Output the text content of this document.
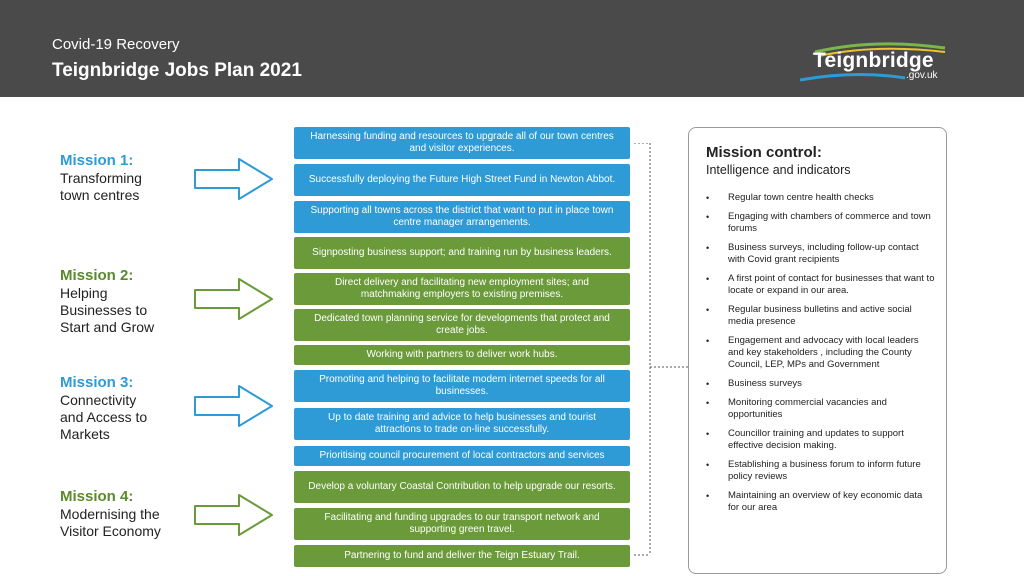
Covid-19 Recovery
Teignbridge Jobs Plan 2021	Teignbridge
.gov.uk
Mission 1:
Transforming
town centres
Mission 2:
Helping
Businesses to
Start and Grow
Mission 3:
Connectivity
and Access to
Markets
Mission 4:
Modernising the
Visitor Economy
Harnessing funding and resources to upgrade all of our town centres and visitor experiences.
Successfully deploying the Future High Street Fund in Newton Abbot.
Supporting all towns across the district that want to put in place town centre manager arrangements.
Signposting business support; and training run by business leaders.
Direct delivery and facilitating new employment sites; and matchmaking employers to existing premises.
Dedicated town planning service for developments that protect and create jobs.
Working with partners to deliver work hubs.
Promoting and helping to facilitate modern internet speeds for all businesses.
Up to date training and advice to help businesses and tourist attractions to trade on-line successfully.
Prioritising council procurement of local contractors and services
Develop a voluntary Coastal Contribution to help upgrade our resorts.
Facilitating and funding upgrades to our transport network and supporting green travel.
Partnering to fund and deliver the Teign Estuary Trail.
Mission control:
Intelligence and indicators
• Regular town centre health checks
• Engaging with chambers of commerce and town forums
• Business surveys, including follow-up contact with Covid grant recipients
• A first point of contact for businesses that want to locate or expand in our area.
• Regular business bulletins and active social media presence
• Engagement and advocacy with local leaders and key stakeholders , including the County Council, LEP, MPs and Government
• Business surveys
• Monitoring commercial vacancies and opportunities
• Councillor training and updates to support effective decision making.
• Establishing a business forum to inform future policy reviews
• Maintaining an overview of key economic data for our area
